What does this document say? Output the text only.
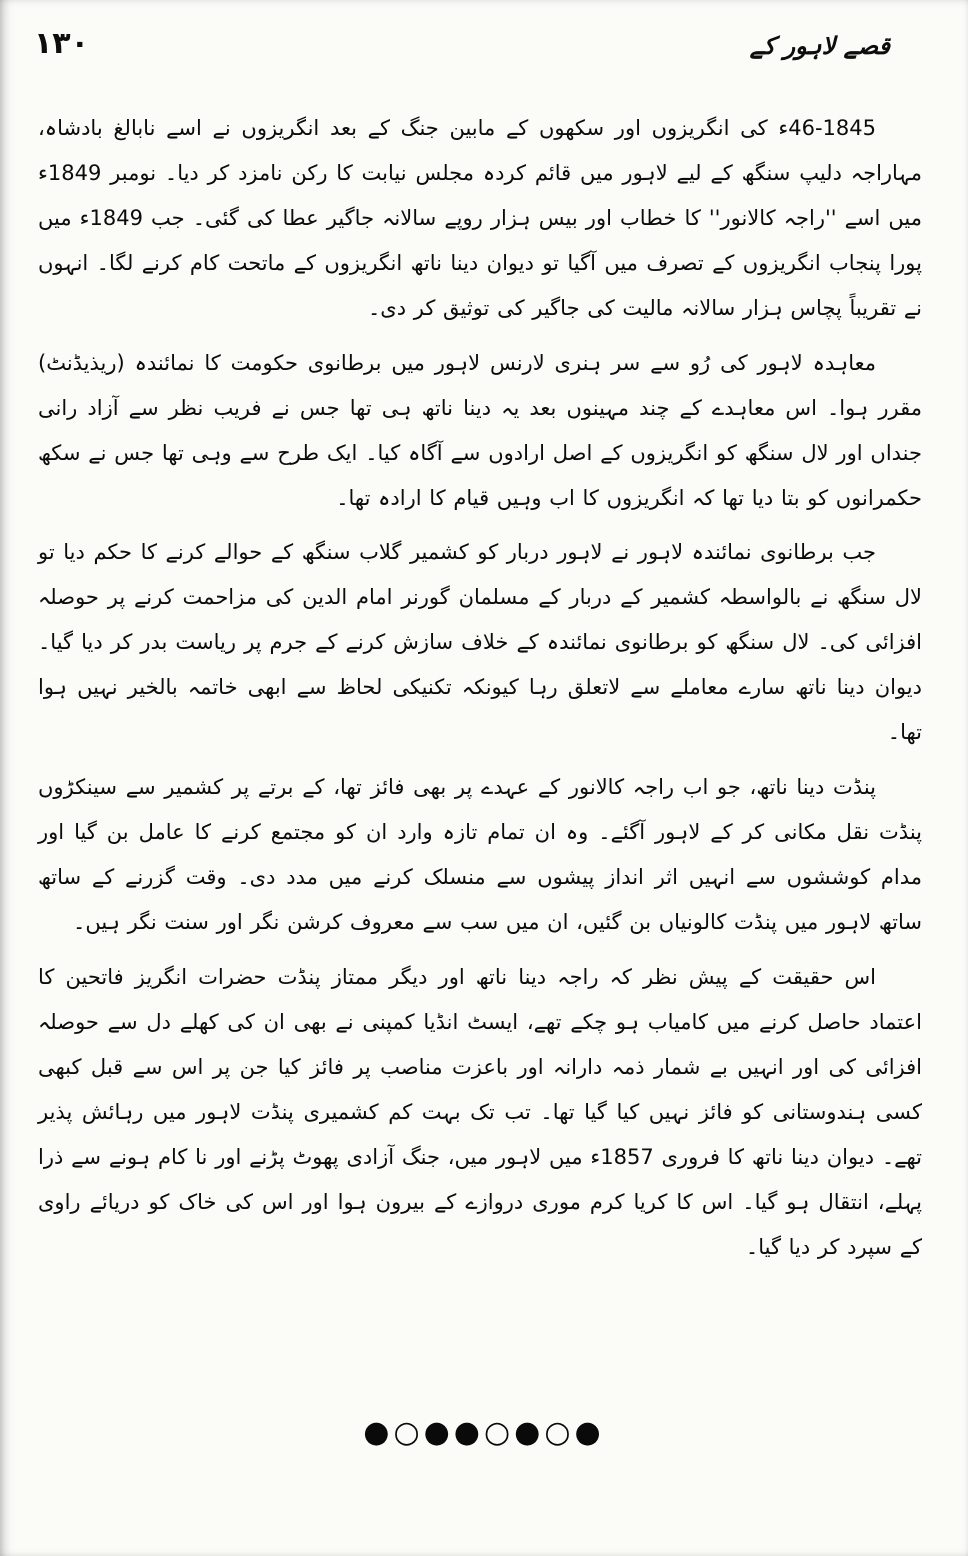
۱۳۰	قصے لاہور کے

46-1845ء کی انگریزوں اور سکھوں کے مابین جنگ کے بعد انگریزوں نے اسے نابالغ بادشاہ، مہاراجہ دلیپ سنگھ کے لیے لاہور میں قائم کردہ مجلس نیابت کا رکن نامزد کر دیا۔ نومبر 1849ء میں اسے ''راجہ کالانور'' کا خطاب اور بیس ہزار روپے سالانہ جاگیر عطا کی گئی۔ جب 1849ء میں پورا پنجاب انگریزوں کے تصرف میں آگیا تو دیوان دینا ناتھ انگریزوں کے ماتحت کام کرنے لگا۔ انہوں نے تقریباً پچاس ہزار سالانہ مالیت کی جاگیر کی توثیق کر دی۔

معاہدہ لاہور کی رُو سے سر ہنری لارنس لاہور میں برطانوی حکومت کا نمائندہ (ریذیڈنٹ) مقرر ہوا۔ اس معاہدے کے چند مہینوں بعد یہ دینا ناتھ ہی تھا جس نے فریب نظر سے آزاد رانی جنداں اور لال سنگھ کو انگریزوں کے اصل ارادوں سے آگاہ کیا۔ ایک طرح سے وہی تھا جس نے سکھ حکمرانوں کو بتا دیا تھا کہ انگریزوں کا اب وہیں قیام کا ارادہ تھا۔

جب برطانوی نمائندہ لاہور نے لاہور دربار کو کشمیر گلاب سنگھ کے حوالے کرنے کا حکم دیا تو لال سنگھ نے بالواسطہ کشمیر کے دربار کے مسلمان گورنر امام الدین کی مزاحمت کرنے پر حوصلہ افزائی کی۔ لال سنگھ کو برطانوی نمائندہ کے خلاف سازش کرنے کے جرم پر ریاست بدر کر دیا گیا۔ دیوان دینا ناتھ سارے معاملے سے لاتعلق رہا کیونکہ تکنیکی لحاظ سے ابھی خاتمہ بالخیر نہیں ہوا تھا۔

پنڈت دینا ناتھ، جو اب راجہ کالانور کے عہدے پر بھی فائز تھا، کے برتے پر کشمیر سے سینکڑوں پنڈت نقل مکانی کر کے لاہور آگئے۔ وہ ان تمام تازہ وارد ان کو مجتمع کرنے کا عامل بن گیا اور مدام کوششوں سے انہیں اثر انداز پیشوں سے منسلک کرنے میں مدد دی۔ وقت گزرنے کے ساتھ ساتھ لاہور میں پنڈت کالونیاں بن گئیں، ان میں سب سے معروف کرشن نگر اور سنت نگر ہیں۔

اس حقیقت کے پیش نظر کہ راجہ دینا ناتھ اور دیگر ممتاز پنڈت حضرات انگریز فاتحین کا اعتماد حاصل کرنے میں کامیاب ہو چکے تھے، ایسٹ انڈیا کمپنی نے بھی ان کی کھلے دل سے حوصلہ افزائی کی اور انہیں بے شمار ذمہ دارانہ اور باعزت مناصب پر فائز کیا جن پر اس سے قبل کبھی کسی ہندوستانی کو فائز نہیں کیا گیا تھا۔ تب تک بہت کم کشمیری پنڈت لاہور میں رہائش پذیر تھے۔ دیوان دینا ناتھ کا فروری 1857ء میں لاہور میں، جنگ آزادی پھوٹ پڑنے اور نا کام ہونے سے ذرا پہلے، انتقال ہو گیا۔ اس کا کریا کرم موری دروازے کے بیرون ہوا اور اس کی خاک کو دریائے راوی کے سپرد کر دیا گیا۔

●○●●○●○●
